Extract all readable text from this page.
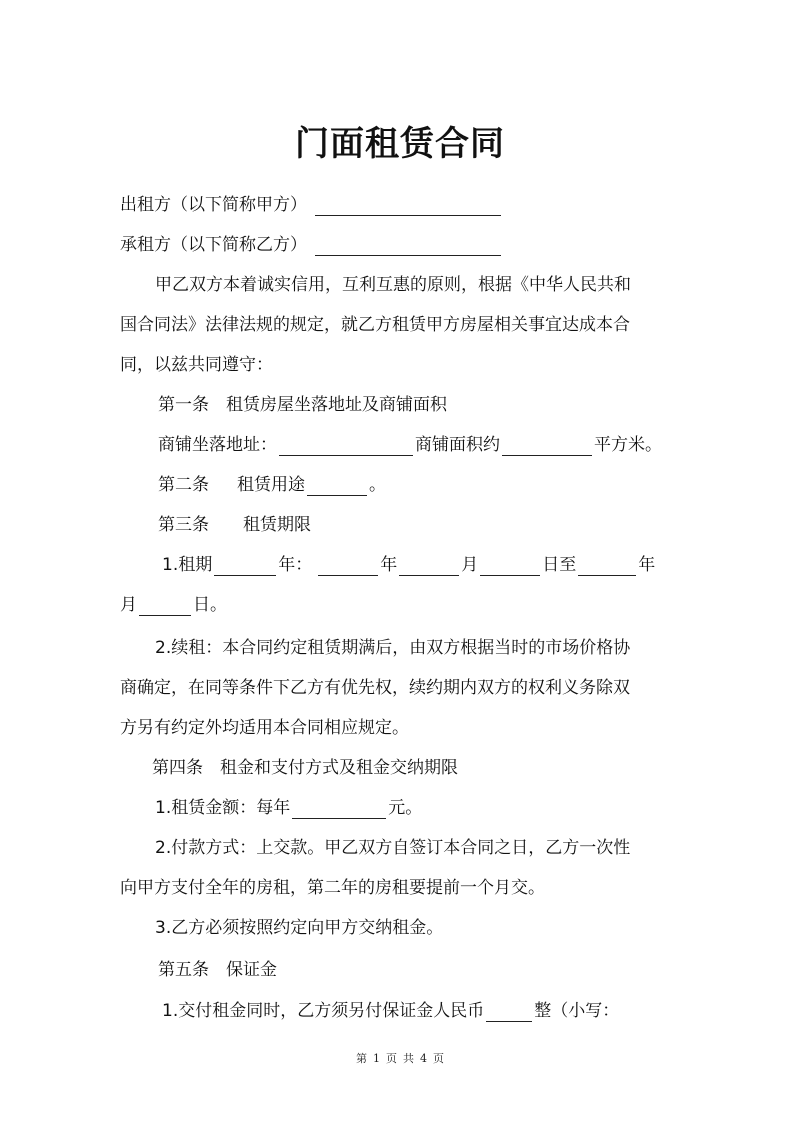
门面租赁合同
出租方（以下简称甲方）
承租方（以下简称乙方）
甲乙双方本着诚实信用，互利互惠的原则，根据《中华人民共和
国合同法》法律法规的规定，就乙方租赁甲方房屋相关事宜达成本合
同，以兹共同遵守：
第一条　租赁房屋坐落地址及商铺面积
商铺坐落地址：	商铺面积约	平方米。
第二条 租赁用途	。
第三条　　租赁期限
1.租期	年：	年	月	日至	年
月	日。
2.续租：本合同约定租赁期满后，由双方根据当时的市场价格协
商确定，在同等条件下乙方有优先权，续约期内双方的权利义务除双
方另有约定外均适用本合同相应规定。
第四条　租金和支付方式及租金交纳期限
1.租赁金额：每年	元。
2.付款方式：上交款。甲乙双方自签订本合同之日，乙方一次性
向甲方支付全年的房租，第二年的房租要提前一个月交。
3.乙方必须按照约定向甲方交纳租金。
第五条　保证金
1.交付租金同时，乙方须另付保证金人民币	整（小写：
第 1 页 共 4 页
